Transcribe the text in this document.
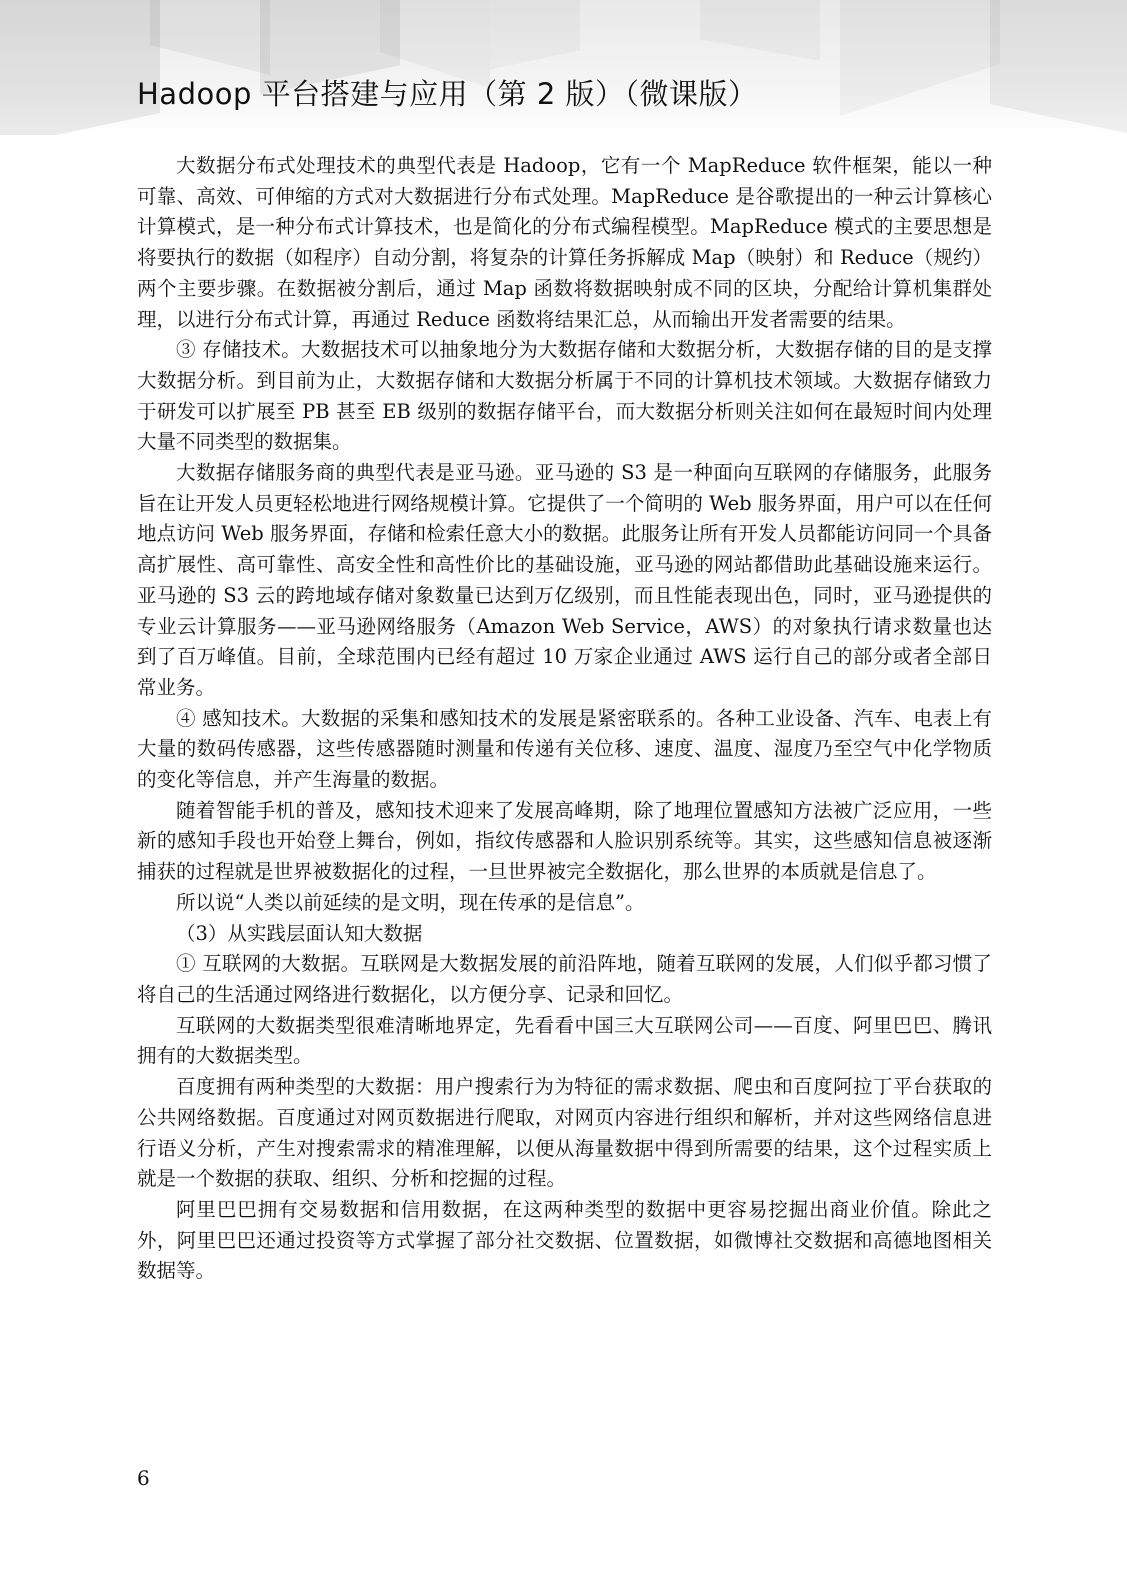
Hadoop 平台搭建与应用（第 2 版）（微课版）

大数据分布式处理技术的典型代表是 Hadoop，它有一个 MapReduce 软件框架，能以一种可靠、高效、可伸缩的方式对大数据进行分布式处理。MapReduce 是谷歌提出的一种云计算核心计算模式，是一种分布式计算技术，也是简化的分布式编程模型。MapReduce 模式的主要思想是将要执行的数据（如程序）自动分割，将复杂的计算任务拆解成 Map（映射）和 Reduce（规约）两个主要步骤。在数据被分割后，通过 Map 函数将数据映射成不同的区块，分配给计算机集群处理，以进行分布式计算，再通过 Reduce 函数将结果汇总，从而输出开发者需要的结果。

③ 存储技术。大数据技术可以抽象地分为大数据存储和大数据分析，大数据存储的目的是支撑大数据分析。到目前为止，大数据存储和大数据分析属于不同的计算机技术领域。大数据存储致力于研发可以扩展至 PB 甚至 EB 级别的数据存储平台，而大数据分析则关注如何在最短时间内处理大量不同类型的数据集。

大数据存储服务商的典型代表是亚马逊。亚马逊的 S3 是一种面向互联网的存储服务，此服务旨在让开发人员更轻松地进行网络规模计算。它提供了一个简明的 Web 服务界面，用户可以在任何地点访问 Web 服务界面，存储和检索任意大小的数据。此服务让所有开发人员都能访问同一个具备高扩展性、高可靠性、高安全性和高性价比的基础设施，亚马逊的网站都借助此基础设施来运行。亚马逊的 S3 云的跨地域存储对象数量已达到万亿级别，而且性能表现出色，同时，亚马逊提供的专业云计算服务——亚马逊网络服务（Amazon Web Service，AWS）的对象执行请求数量也达到了百万峰值。目前，全球范围内已经有超过 10 万家企业通过 AWS 运行自己的部分或者全部日常业务。

④ 感知技术。大数据的采集和感知技术的发展是紧密联系的。各种工业设备、汽车、电表上有大量的数码传感器，这些传感器随时测量和传递有关位移、速度、温度、湿度乃至空气中化学物质的变化等信息，并产生海量的数据。

随着智能手机的普及，感知技术迎来了发展高峰期，除了地理位置感知方法被广泛应用，一些新的感知手段也开始登上舞台，例如，指纹传感器和人脸识别系统等。其实，这些感知信息被逐渐捕获的过程就是世界被数据化的过程，一旦世界被完全数据化，那么世界的本质就是信息了。

所以说“人类以前延续的是文明，现在传承的是信息”。

（3）从实践层面认知大数据

① 互联网的大数据。互联网是大数据发展的前沿阵地，随着互联网的发展，人们似乎都习惯了将自己的生活通过网络进行数据化，以方便分享、记录和回忆。

互联网的大数据类型很难清晰地界定，先看看中国三大互联网公司——百度、阿里巴巴、腾讯拥有的大数据类型。

百度拥有两种类型的大数据：用户搜索行为为特征的需求数据、爬虫和百度阿拉丁平台获取的公共网络数据。百度通过对网页数据进行爬取，对网页内容进行组织和解析，并对这些网络信息进行语义分析，产生对搜索需求的精准理解，以便从海量数据中得到所需要的结果，这个过程实质上就是一个数据的获取、组织、分析和挖掘的过程。

阿里巴巴拥有交易数据和信用数据，在这两种类型的数据中更容易挖掘出商业价值。除此之外，阿里巴巴还通过投资等方式掌握了部分社交数据、位置数据，如微博社交数据和高德地图相关数据等。

6
